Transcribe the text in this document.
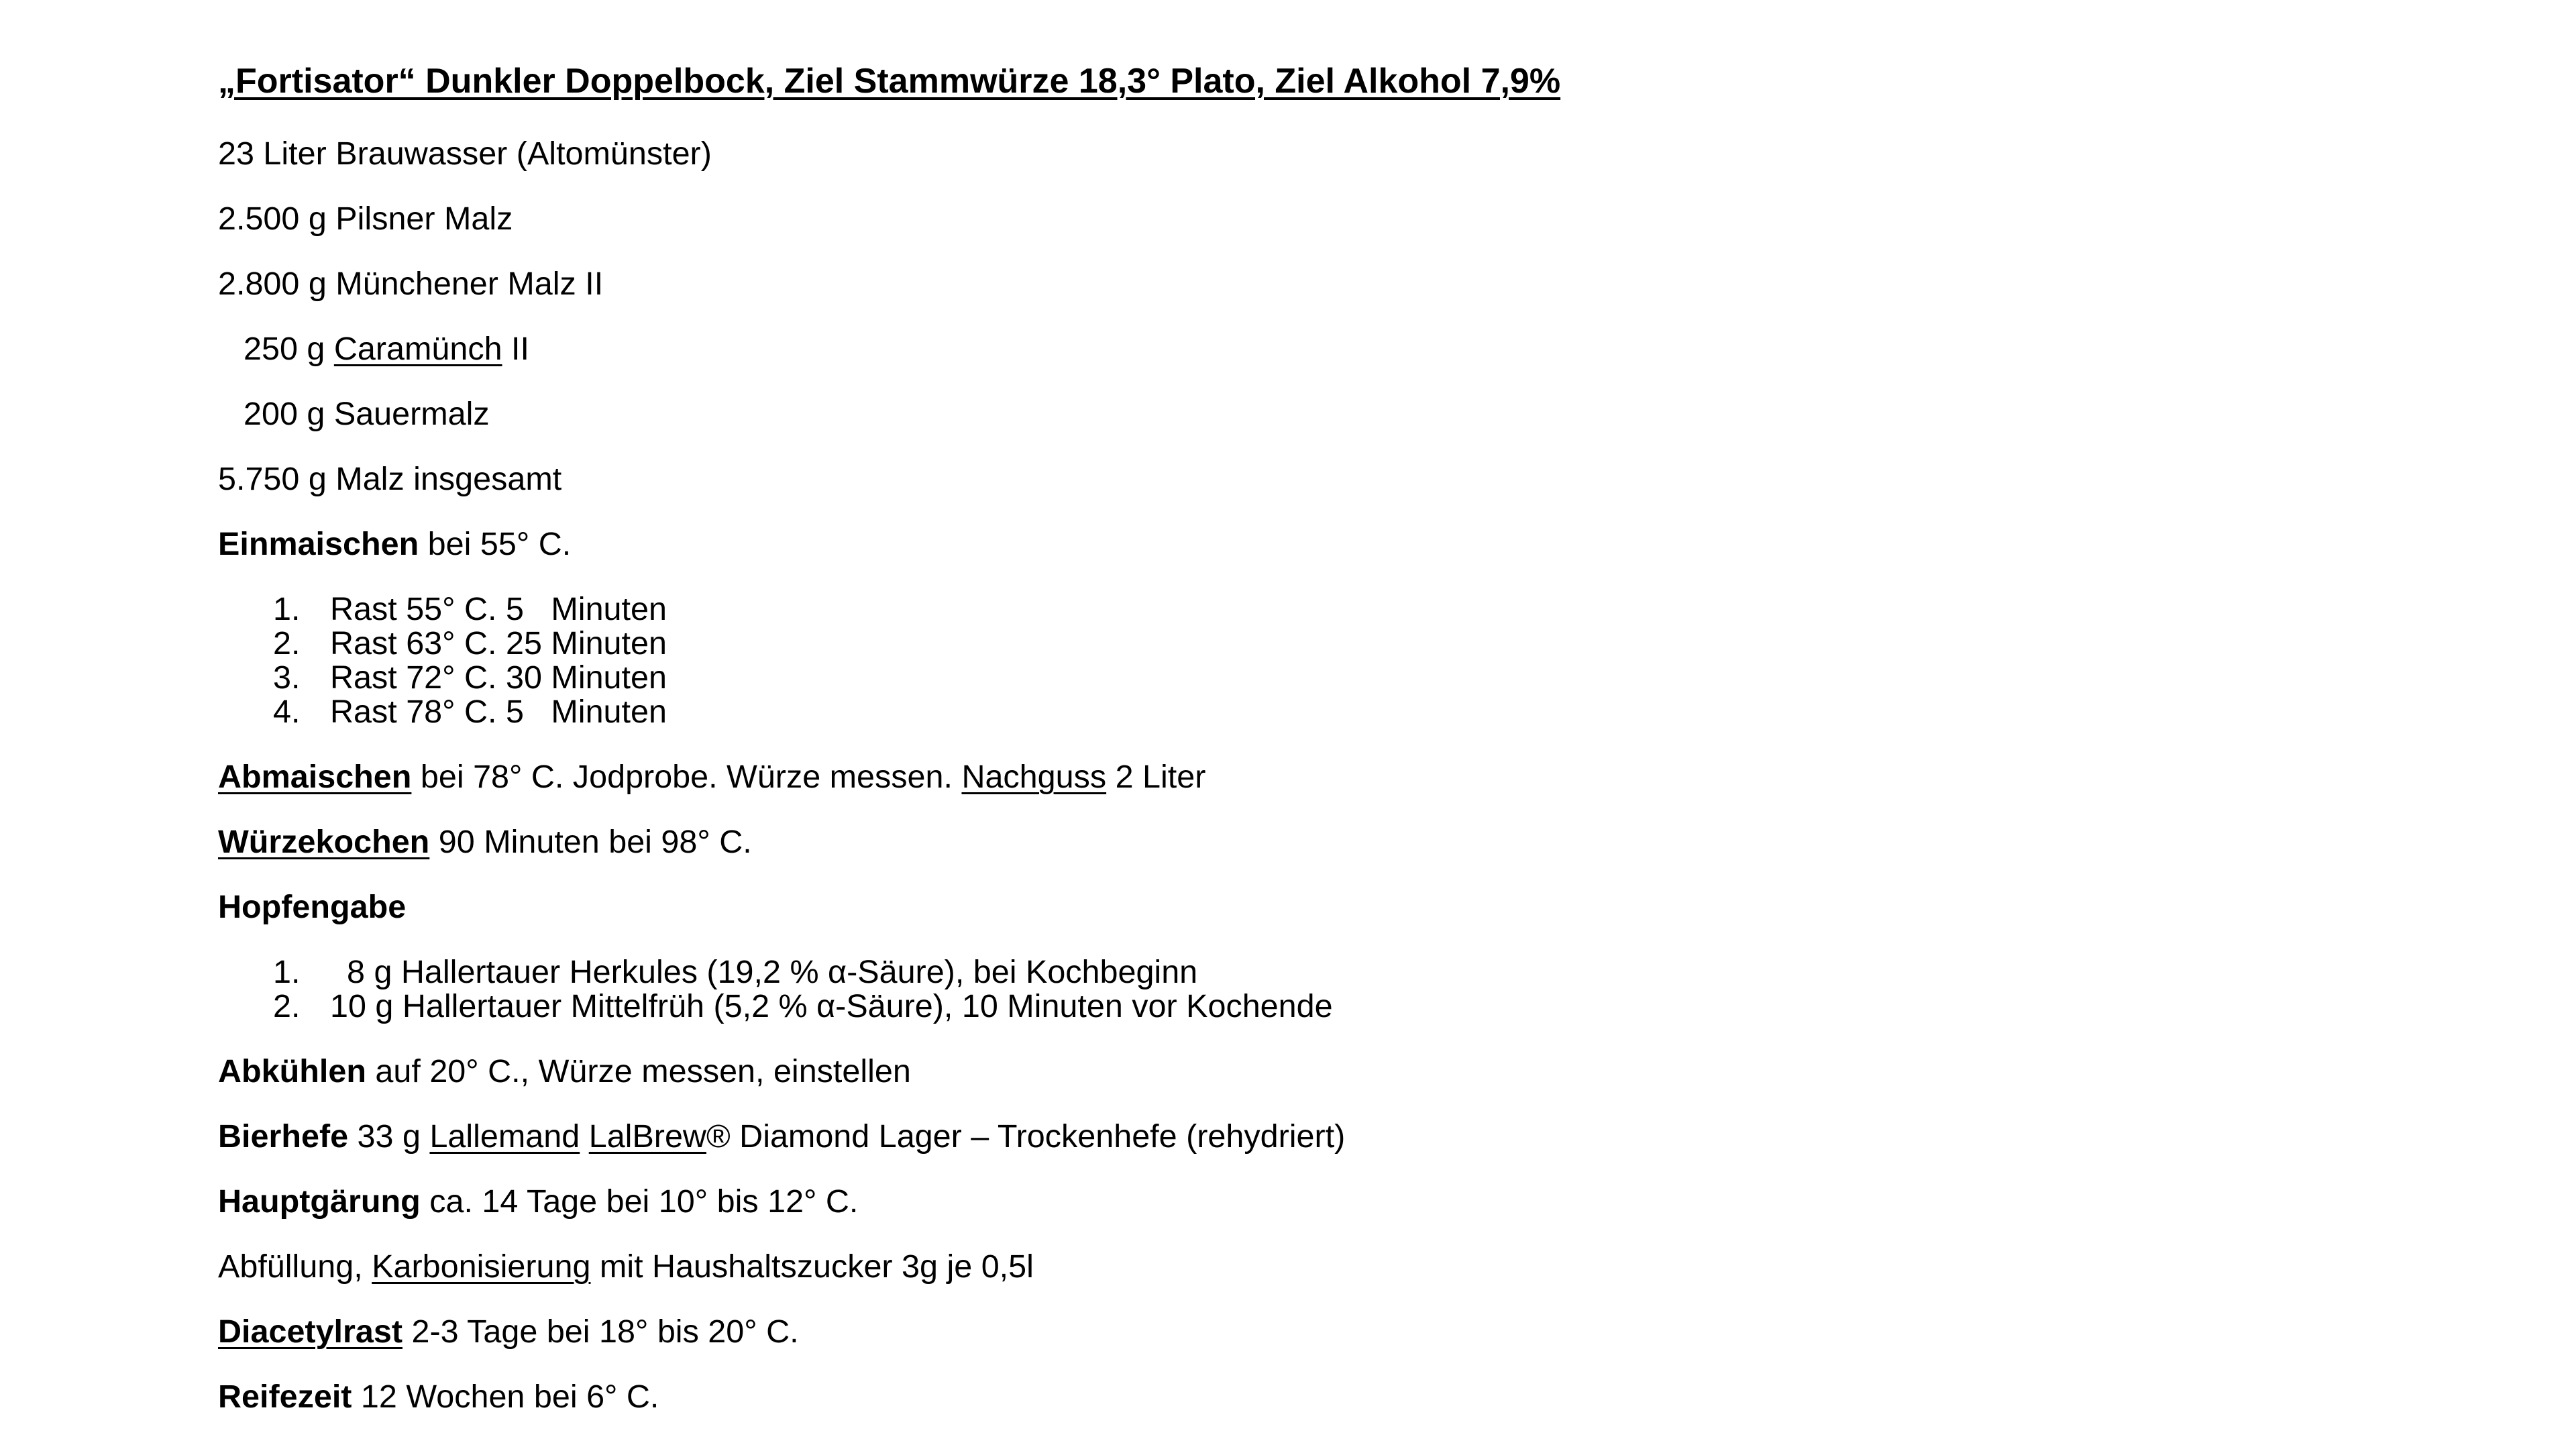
„Fortisator“ Dunkler Doppelbock, Ziel Stammwürze 18,3° Plato, Ziel Alkohol 7,9%
23 Liter Brauwasser (Altomünster)
2.500 g Pilsner Malz
2.800 g Münchener Malz II
250 g Caramünch II
200 g Sauermalz
5.750 g Malz insgesamt
Einmaischen bei 55° C.
1. Rast 55° C. 5   Minuten
2. Rast 63° C. 25 Minuten
3. Rast 72° C. 30 Minuten
4. Rast 78° C. 5   Minuten
Abmaischen bei 78° C. Jodprobe. Würze messen. Nachguss 2 Liter
Würzekochen 90 Minuten bei 98° C.
Hopfengabe
1. 8 g Hallertauer Herkules (19,2 % α-Säure), bei Kochbeginn
2. 10 g Hallertauer Mittelfrüh (5,2 % α-Säure), 10 Minuten vor Kochende
Abkühlen auf 20° C., Würze messen, einstellen
Bierhefe 33 g Lallemand LalBrew® Diamond Lager – Trockenhefe (rehydriert)
Hauptgärung ca. 14 Tage bei 10° bis 12° C.
Abfüllung, Karbonisierung mit Haushaltszucker 3g je 0,5l
Diacetylrast 2-3 Tage bei 18° bis 20° C.
Reifezeit 12 Wochen bei 6° C.
